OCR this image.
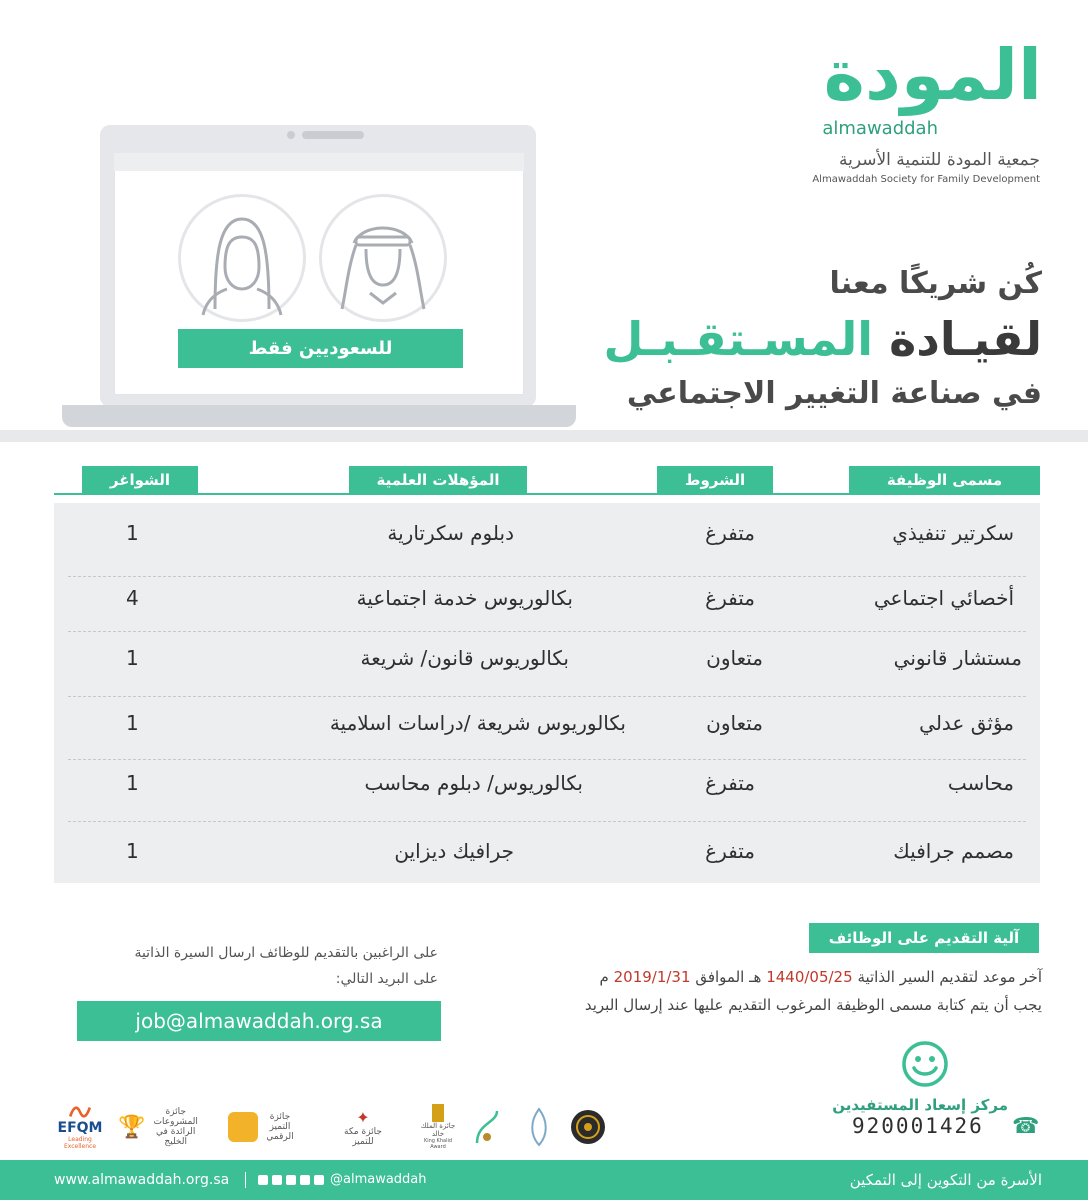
المودة
almawaddah
جمعية المودة للتنمية الأسرية
Almawaddah Society for Family Development
كُن شريكًا معنا
لقيـادة المسـتقـبـل
في صناعة التغيير الاجتماعي
للسعوديين فقط
مسمى الوظيفة
الشروط
المؤهلات العلمية
الشواغر
سكرتير تنفيذي
متفرغ
دبلوم سكرتارية
1
أخصائي اجتماعي
متفرغ
بكالوريوس خدمة اجتماعية
4
مستشار قانوني
متعاون
بكالوريوس قانون/ شريعة
1
مؤثق عدلي
متعاون
بكالوريوس شريعة /دراسات اسلامية
1
محاسب
متفرغ
بكالوريوس/ دبلوم محاسب
1
مصمم جرافيك
متفرغ
جرافيك ديزاين
1
آلية التقديم على الوظائف
آخر موعد لتقديم السير الذاتية 1440/05/25 هـ الموافق 2019/1/31 م
يجب أن يتم كتابة مسمى الوظيفة المرغوب التقديم عليها عند إرسال البريد
على الراغبين بالتقديم للوظائف ارسال السيرة الذاتية
على البريد التالي:
job@almawaddah.org.sa
مركز إسعاد المستفيدين
920001426 ☎
EFQM
Leading Excellence
🏆
جائزة المشروعات الرائدة في الخليج
جائزة التميز الرقمي
✦
جائزة مكة للتميز
جائزة الملك خالد
King Khalid Award
www.almawaddah.org.sa	@almawaddah	الأسرة من التكوين إلى التمكين
